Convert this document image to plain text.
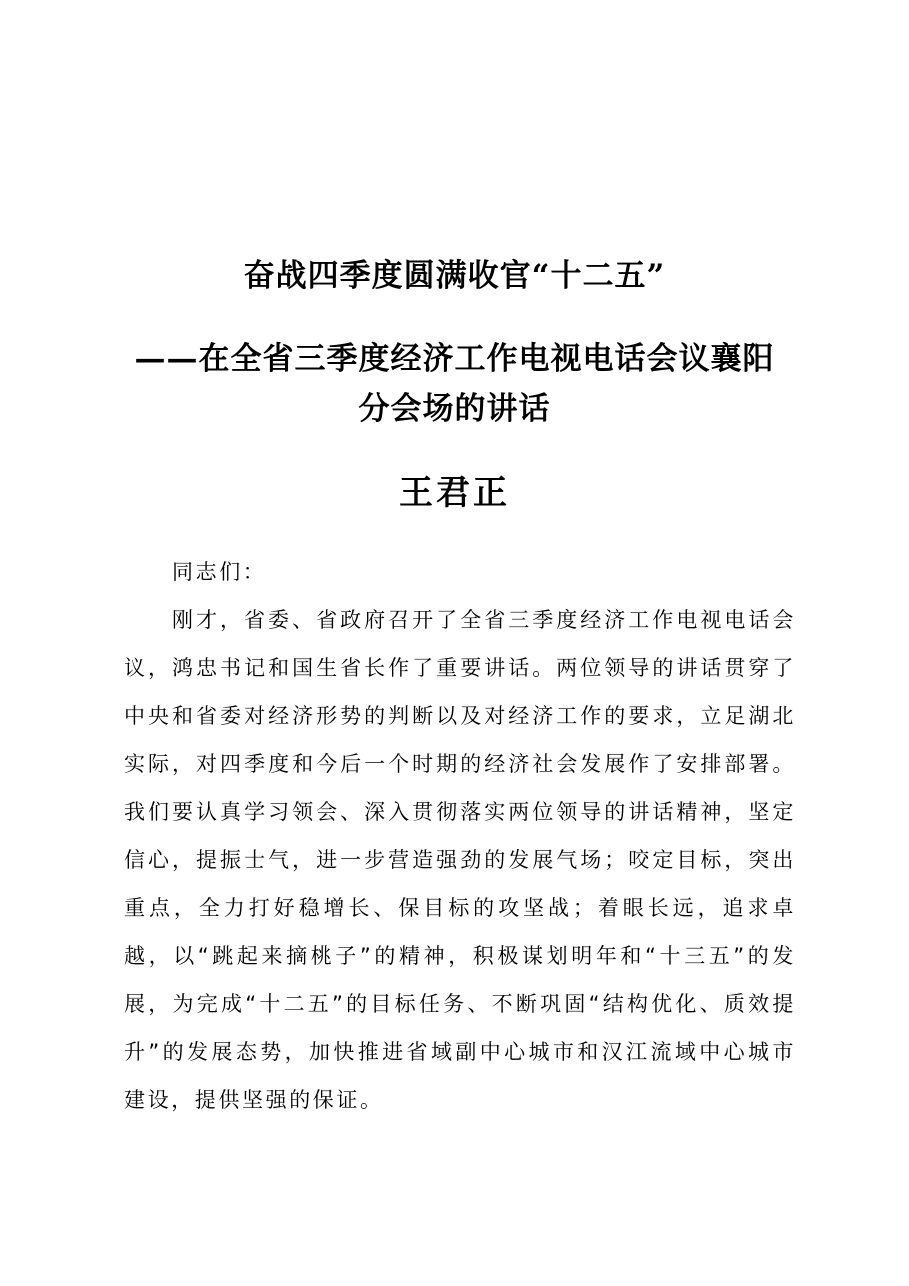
奋战四季度圆满收官“十二五”
——在全省三季度经济工作电视电话会议襄阳
分会场的讲话
王君正

同志们：

刚才，省委、省政府召开了全省三季度经济工作电视电话会议，鸿忠书记和国生省长作了重要讲话。两位领导的讲话贯穿了中央和省委对经济形势的判断以及对经济工作的要求，立足湖北实际，对四季度和今后一个时期的经济社会发展作了安排部署。我们要认真学习领会、深入贯彻落实两位领导的讲话精神，坚定信心，提振士气，进一步营造强劲的发展气场；咬定目标，突出重点，全力打好稳增长、保目标的攻坚战；着眼长远，追求卓越，以“跳起来摘桃子”的精神，积极谋划明年和“十三五”的发展，为完成“十二五”的目标任务、不断巩固“结构优化、质效提升”的发展态势，加快推进省域副中心城市和汉江流域中心城市建设，提供坚强的保证。
